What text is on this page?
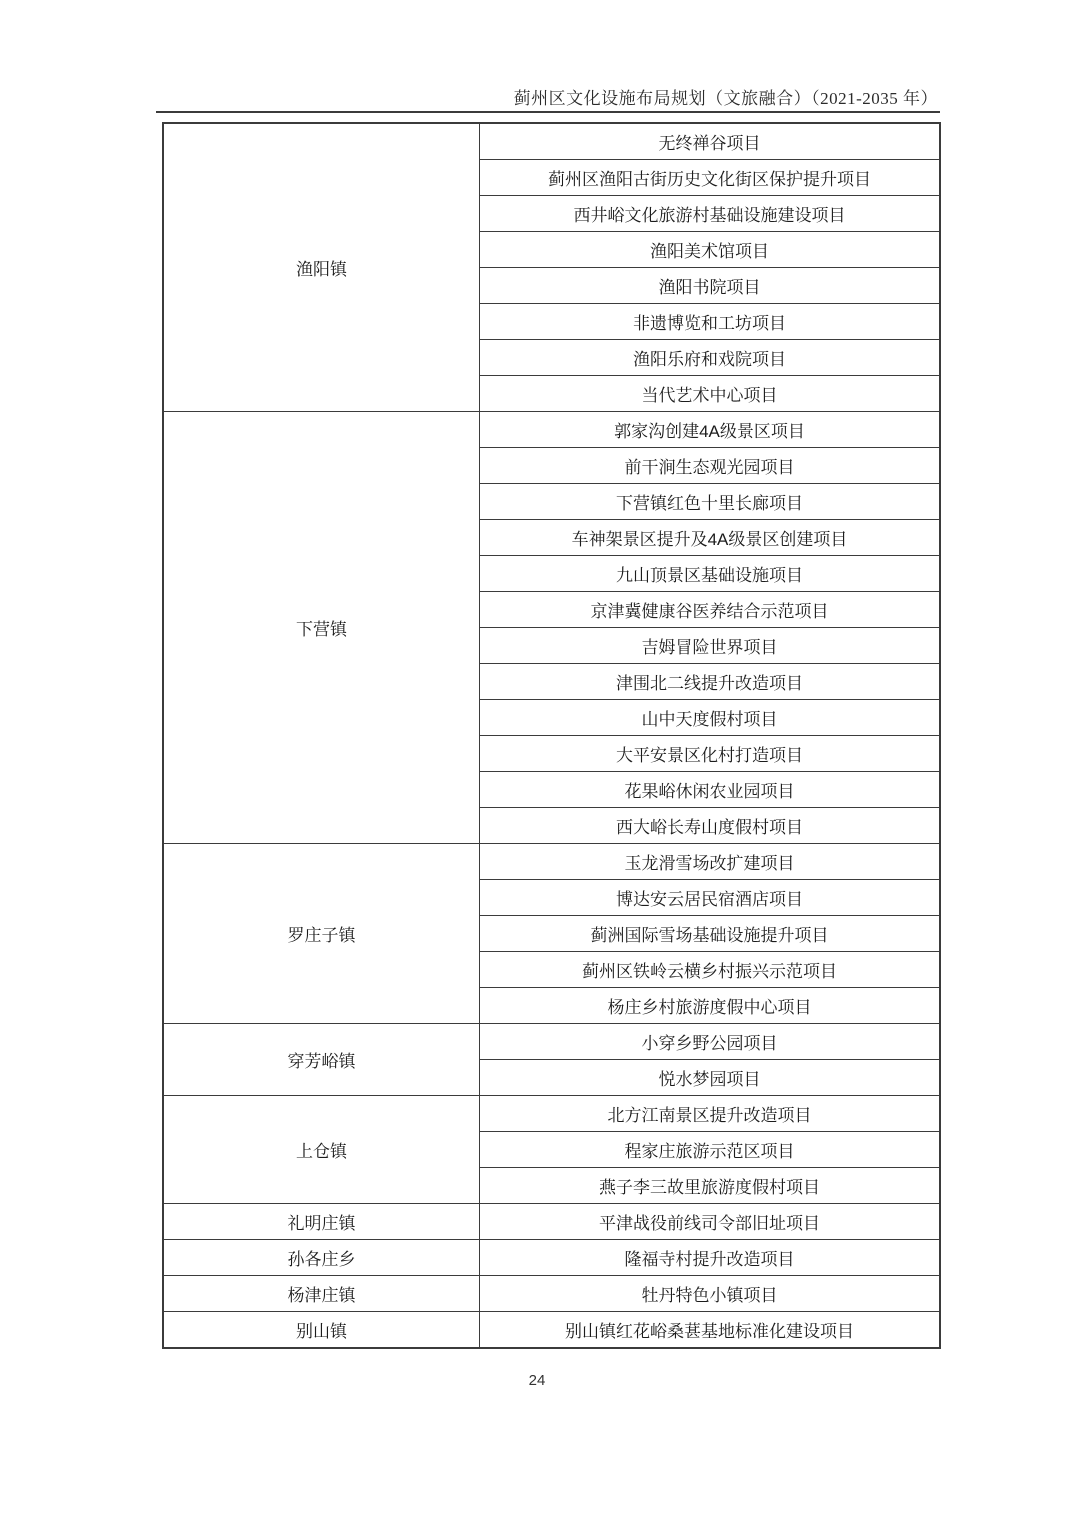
蓟州区文化设施布局规划（文旅融合）（2021-2035 年）
渔阳镇	无终禅谷项目
	蓟州区渔阳古街历史文化街区保护提升项目
	西井峪文化旅游村基础设施建设项目
	渔阳美术馆项目
	渔阳书院项目
	非遗博览和工坊项目
	渔阳乐府和戏院项目
	当代艺术中心项目
下营镇	郭家沟创建4A级景区项目
	前干涧生态观光园项目
	下营镇红色十里长廊项目
	车神架景区提升及4A级景区创建项目
	九山顶景区基础设施项目
	京津冀健康谷医养结合示范项目
	吉姆冒险世界项目
	津围北二线提升改造项目
	山中天度假村项目
	大平安景区化村打造项目
	花果峪休闲农业园项目
	西大峪长寿山度假村项目
罗庄子镇	玉龙滑雪场改扩建项目
	博达安云居民宿酒店项目
	蓟洲国际雪场基础设施提升项目
	蓟州区铁岭云横乡村振兴示范项目
	杨庄乡村旅游度假中心项目
穿芳峪镇	小穿乡野公园项目
	悦水梦园项目
上仓镇	北方江南景区提升改造项目
	程家庄旅游示范区项目
	燕子李三故里旅游度假村项目
礼明庄镇	平津战役前线司令部旧址项目
孙各庄乡	隆福寺村提升改造项目
杨津庄镇	牡丹特色小镇项目
别山镇	别山镇红花峪桑葚基地标准化建设项目
24
